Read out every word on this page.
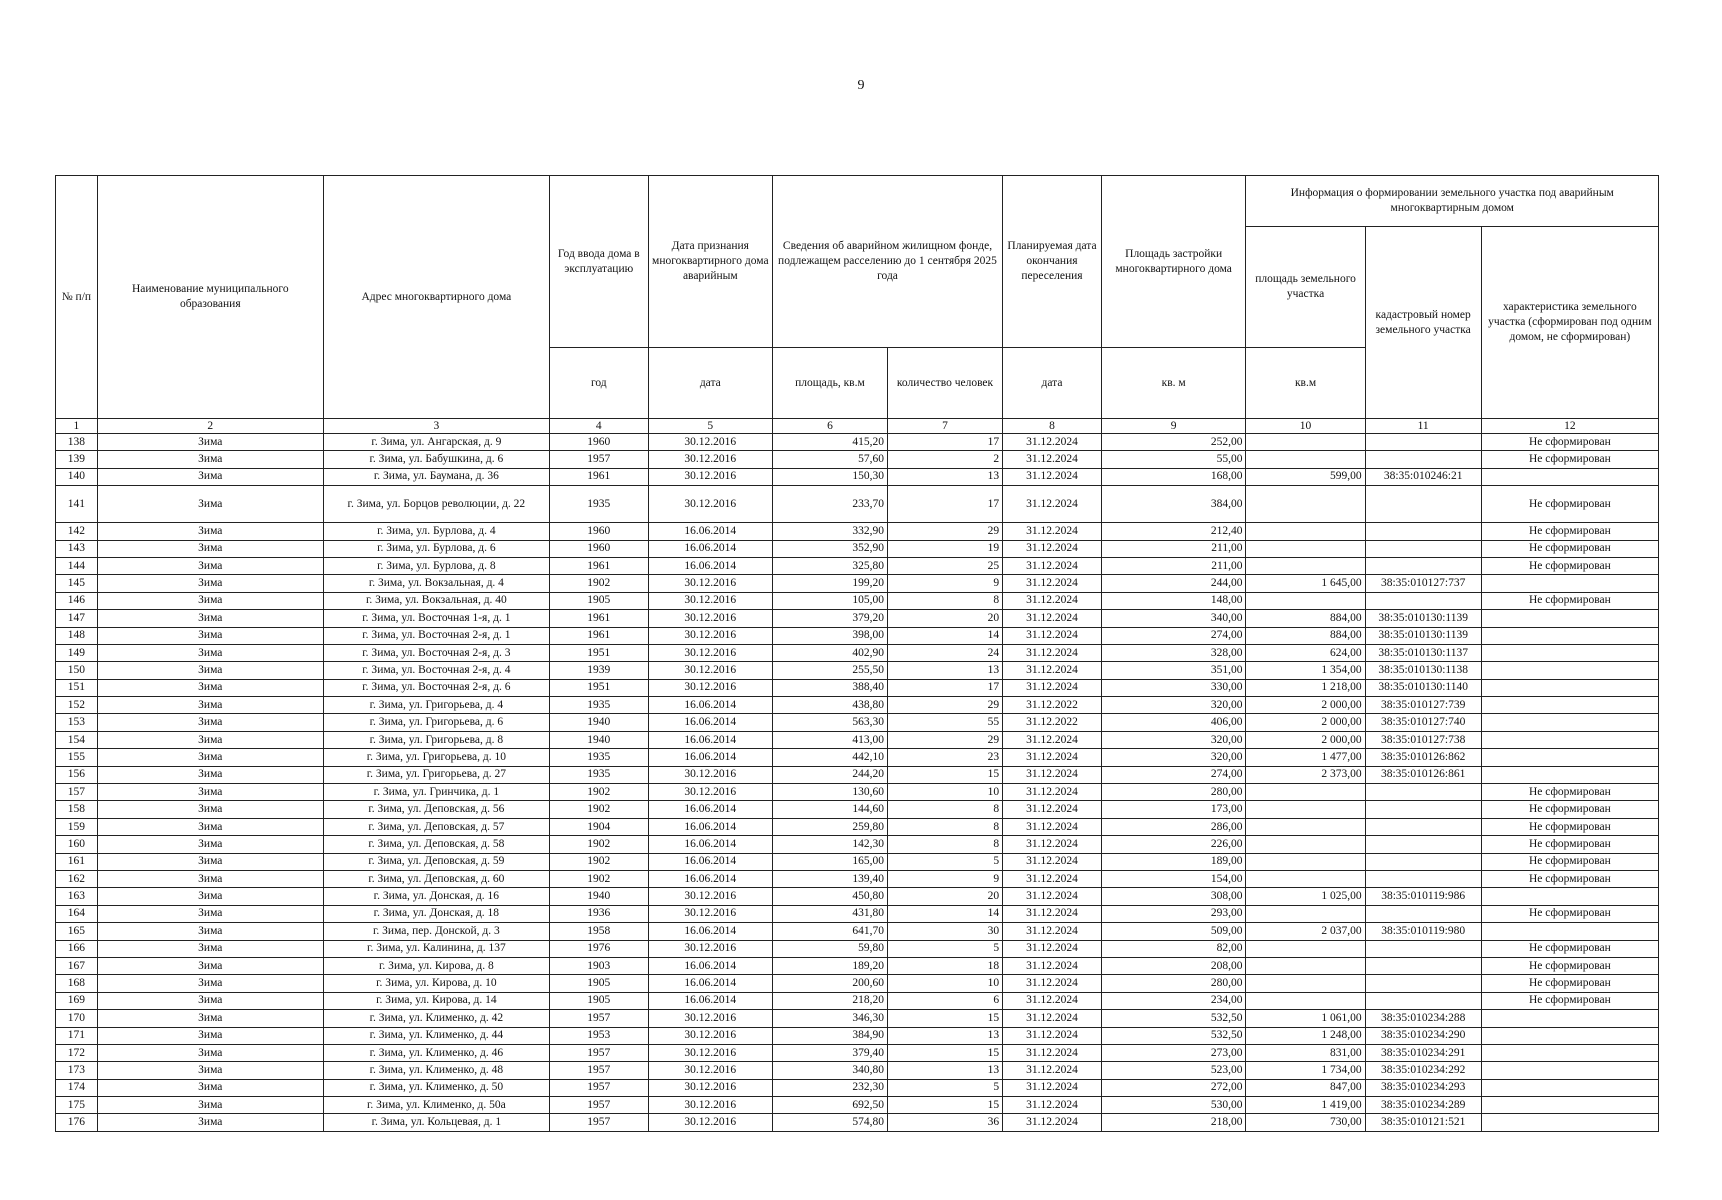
9
№ п/п	Наименование муниципального образования	Адрес многоквартирного дома	Год ввода дома в эксплуатацию	Дата признания многоквартирного дома аварийным	Сведения об аварийном жилищном фонде, подлежащем расселению до 1 сентября 2025 года		Планируемая дата окончания переселения	Площадь застройки многоквартирного дома	Информация о формировании земельного участка под аварийным многоквартирным домом		
									площадь земельного участка	кадастровый номер земельного участка	характеристика земельного участка (сформирован под одним домом, не сформирован)
			год	дата	площадь, кв.м	количество человек	дата	кв. м	кв.м		
1	2	3	4	5	6	7	8	9	10	11	12
138	Зима	г. Зима, ул. Ангарская, д. 9	1960	30.12.2016	415,20	17	31.12.2024	252,00			Не сформирован
139	Зима	г. Зима, ул. Бабушкина, д. 6	1957	30.12.2016	57,60	2	31.12.2024	55,00			Не сформирован
140	Зима	г. Зима, ул. Баумана, д. 36	1961	30.12.2016	150,30	13	31.12.2024	168,00	599,00	38:35:010246:21	
141	Зима	г. Зима, ул. Борцов революции, д. 22	1935	30.12.2016	233,70	17	31.12.2024	384,00			Не сформирован
142	Зима	г. Зима, ул. Бурлова, д. 4	1960	16.06.2014	332,90	29	31.12.2024	212,40			Не сформирован
143	Зима	г. Зима, ул. Бурлова, д. 6	1960	16.06.2014	352,90	19	31.12.2024	211,00			Не сформирован
144	Зима	г. Зима, ул. Бурлова, д. 8	1961	16.06.2014	325,80	25	31.12.2024	211,00			Не сформирован
145	Зима	г. Зима, ул. Вокзальная, д. 4	1902	30.12.2016	199,20	9	31.12.2024	244,00	1 645,00	38:35:010127:737	
146	Зима	г. Зима, ул. Вокзальная, д. 40	1905	30.12.2016	105,00	8	31.12.2024	148,00			Не сформирован
147	Зима	г. Зима, ул. Восточная 1-я, д. 1	1961	30.12.2016	379,20	20	31.12.2024	340,00	884,00	38:35:010130:1139	
148	Зима	г. Зима, ул. Восточная 2-я, д. 1	1961	30.12.2016	398,00	14	31.12.2024	274,00	884,00	38:35:010130:1139	
149	Зима	г. Зима, ул. Восточная 2-я, д. 3	1951	30.12.2016	402,90	24	31.12.2024	328,00	624,00	38:35:010130:1137	
150	Зима	г. Зима, ул. Восточная 2-я, д. 4	1939	30.12.2016	255,50	13	31.12.2024	351,00	1 354,00	38:35:010130:1138	
151	Зима	г. Зима, ул. Восточная 2-я, д. 6	1951	30.12.2016	388,40	17	31.12.2024	330,00	1 218,00	38:35:010130:1140	
152	Зима	г. Зима, ул. Григорьева, д. 4	1935	16.06.2014	438,80	29	31.12.2022	320,00	2 000,00	38:35:010127:739	
153	Зима	г. Зима, ул. Григорьева, д. 6	1940	16.06.2014	563,30	55	31.12.2022	406,00	2 000,00	38:35:010127:740	
154	Зима	г. Зима, ул. Григорьева, д. 8	1940	16.06.2014	413,00	29	31.12.2024	320,00	2 000,00	38:35:010127:738	
155	Зима	г. Зима, ул. Григорьева, д. 10	1935	16.06.2014	442,10	23	31.12.2024	320,00	1 477,00	38:35:010126:862	
156	Зима	г. Зима, ул. Григорьева, д. 27	1935	30.12.2016	244,20	15	31.12.2024	274,00	2 373,00	38:35:010126:861	
157	Зима	г. Зима, ул. Гринчика, д. 1	1902	30.12.2016	130,60	10	31.12.2024	280,00			Не сформирован
158	Зима	г. Зима, ул. Деповская, д. 56	1902	16.06.2014	144,60	8	31.12.2024	173,00			Не сформирован
159	Зима	г. Зима, ул. Деповская, д. 57	1904	16.06.2014	259,80	8	31.12.2024	286,00			Не сформирован
160	Зима	г. Зима, ул. Деповская, д. 58	1902	16.06.2014	142,30	8	31.12.2024	226,00			Не сформирован
161	Зима	г. Зима, ул. Деповская, д. 59	1902	16.06.2014	165,00	5	31.12.2024	189,00			Не сформирован
162	Зима	г. Зима, ул. Деповская, д. 60	1902	16.06.2014	139,40	9	31.12.2024	154,00			Не сформирован
163	Зима	г. Зима, ул. Донская, д. 16	1940	30.12.2016	450,80	20	31.12.2024	308,00	1 025,00	38:35:010119:986	
164	Зима	г. Зима, ул. Донская, д. 18	1936	30.12.2016	431,80	14	31.12.2024	293,00			Не сформирован
165	Зима	г. Зима, пер. Донской, д. 3	1958	16.06.2014	641,70	30	31.12.2024	509,00	2 037,00	38:35:010119:980	
166	Зима	г. Зима, ул. Калинина, д. 137	1976	30.12.2016	59,80	5	31.12.2024	82,00			Не сформирован
167	Зима	г. Зима, ул. Кирова, д. 8	1903	16.06.2014	189,20	18	31.12.2024	208,00			Не сформирован
168	Зима	г. Зима, ул. Кирова, д. 10	1905	16.06.2014	200,60	10	31.12.2024	280,00			Не сформирован
169	Зима	г. Зима, ул. Кирова, д. 14	1905	16.06.2014	218,20	6	31.12.2024	234,00			Не сформирован
170	Зима	г. Зима, ул. Клименко, д. 42	1957	30.12.2016	346,30	15	31.12.2024	532,50	1 061,00	38:35:010234:288	
171	Зима	г. Зима, ул. Клименко, д. 44	1953	30.12.2016	384,90	13	31.12.2024	532,50	1 248,00	38:35:010234:290	
172	Зима	г. Зима, ул. Клименко, д. 46	1957	30.12.2016	379,40	15	31.12.2024	273,00	831,00	38:35:010234:291	
173	Зима	г. Зима, ул. Клименко, д. 48	1957	30.12.2016	340,80	13	31.12.2024	523,00	1 734,00	38:35:010234:292	
174	Зима	г. Зима, ул. Клименко, д. 50	1957	30.12.2016	232,30	5	31.12.2024	272,00	847,00	38:35:010234:293	
175	Зима	г. Зима, ул. Клименко, д. 50а	1957	30.12.2016	692,50	15	31.12.2024	530,00	1 419,00	38:35:010234:289	
176	Зима	г. Зима, ул. Кольцевая, д. 1	1957	30.12.2016	574,80	36	31.12.2024	218,00	730,00	38:35:010121:521	
